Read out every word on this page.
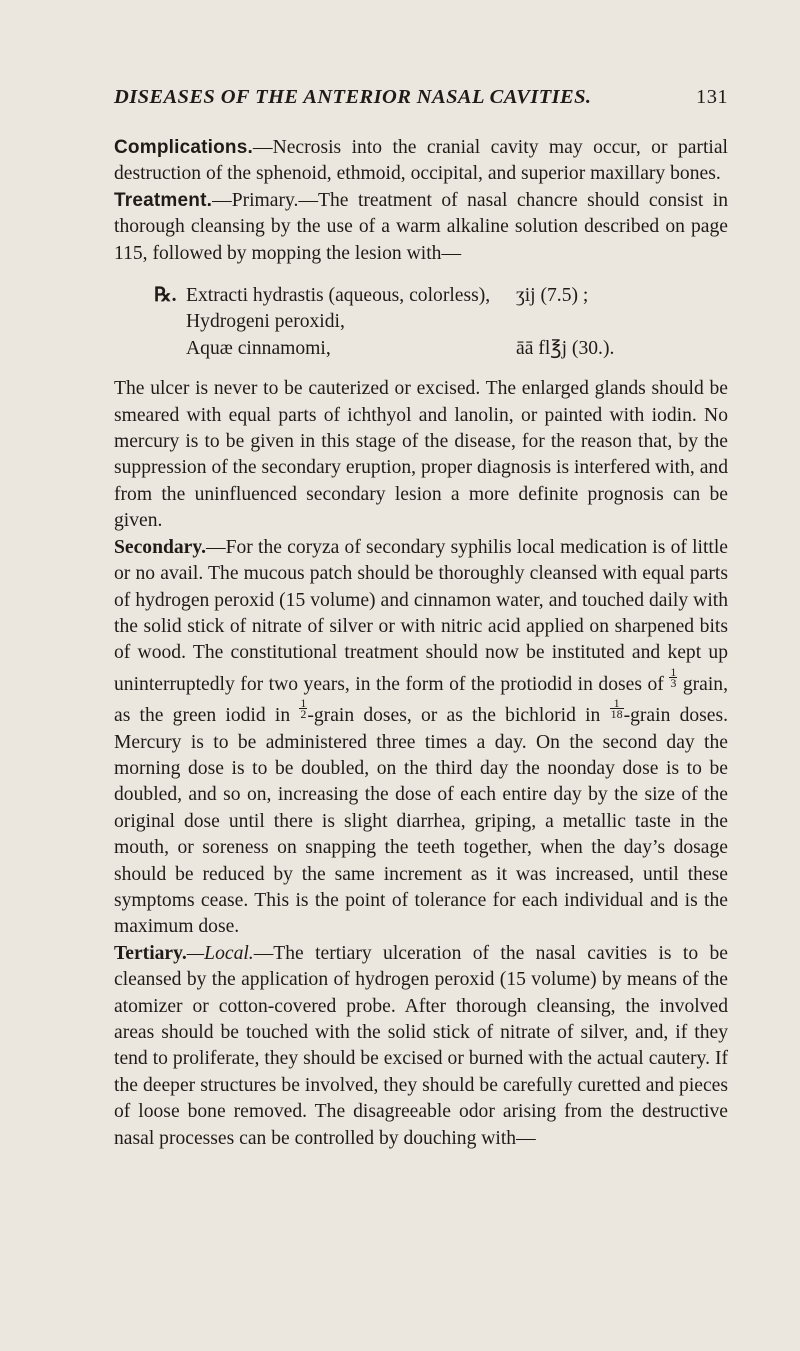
DISEASES OF THE ANTERIOR NASAL CAVITIES.	131

Complications.—Necrosis into the cranial cavity may occur, or partial destruction of the sphenoid, ethmoid, occipital, and superior maxillary bones.

Treatment.—Primary.—The treatment of nasal chancre should consist in thorough cleansing by the use of a warm alkaline solution described on page 115, followed by mopping the lesion with—

℞. Extracti hydrastis (aqueous, colorless),	ʒij (7.5) ;
Hydrogeni peroxidi,
Aquæ cinnamomi,	āā fl℥j (30.).

The ulcer is never to be cauterized or excised. The enlarged glands should be smeared with equal parts of ichthyol and lanolin, or painted with iodin. No mercury is to be given in this stage of the disease, for the reason that, by the suppression of the secondary eruption, proper diagnosis is interfered with, and from the uninfluenced secondary lesion a more definite prognosis can be given.

Secondary.—For the coryza of secondary syphilis local medication is of little or no avail. The mucous patch should be thoroughly cleansed with equal parts of hydrogen peroxid (15 volume) and cinnamon water, and touched daily with the solid stick of nitrate of silver or with nitric acid applied on sharpened bits of wood. The constitutional treatment should now be instituted and kept up uninterruptedly for two years, in the form of the protiodid in doses of $\frac{1}{3}$ grain, as the green iodid in $\frac{1}{2}$ -grain doses, or as the bichlorid in $\frac{1}{18}$ -grain doses. Mercury is to be administered three times a day. On the second day the morning dose is to be doubled, on the third day the noonday dose is to be doubled, and so on, increasing the dose of each entire day by the size of the original dose until there is slight diarrhea, griping, a metallic taste in the mouth, or soreness on snapping the teeth together, when the day’s dosage should be reduced by the same increment as it was increased, until these symptoms cease. This is the point of tolerance for each individual and is the maximum dose.

Tertiary.—Local.—The tertiary ulceration of the nasal cavities is to be cleansed by the application of hydrogen peroxid (15 volume) by means of the atomizer or cotton-covered probe. After thorough cleansing, the involved areas should be touched with the solid stick of nitrate of silver, and, if they tend to proliferate, they should be excised or burned with the actual cautery. If the deeper structures be involved, they should be carefully curetted and pieces of loose bone removed. The disagreeable odor arising from the destructive nasal processes can be controlled by douching with—
